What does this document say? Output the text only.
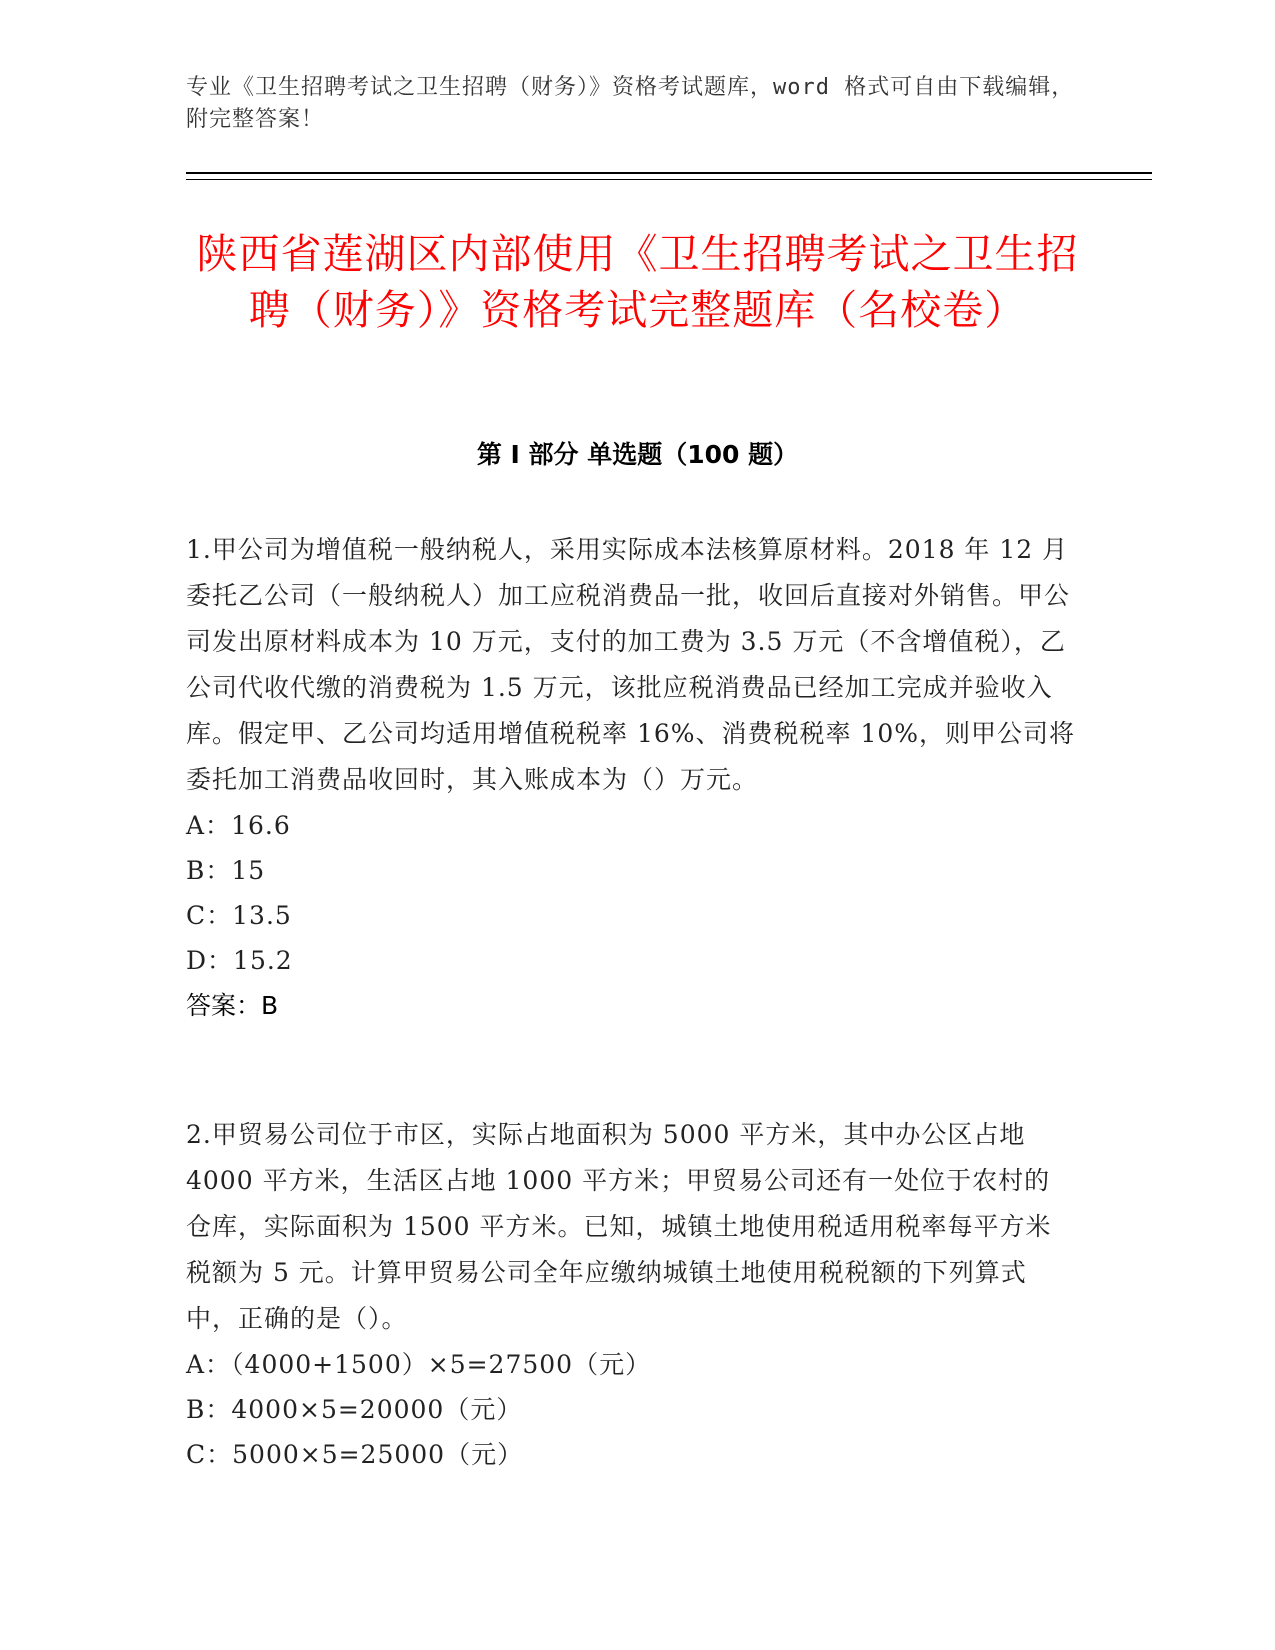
专业《卫生招聘考试之卫生招聘（财务）》资格考试题库，word 格式可自由下载编辑，附完整答案！
陕西省莲湖区内部使用《卫生招聘考试之卫生招聘（财务）》资格考试完整题库（名校卷）
第 I 部分 单选题（100 题）
1.甲公司为增值税一般纳税人，采用实际成本法核算原材料。2018 年 12 月委托乙公司（一般纳税人）加工应税消费品一批，收回后直接对外销售。甲公司发出原材料成本为 10 万元，支付的加工费为 3.5 万元（不含增值税），乙公司代收代缴的消费税为 1.5 万元，该批应税消费品已经加工完成并验收入库。假定甲、乙公司均适用增值税税率 16%、消费税税率 10%，则甲公司将委托加工消费品收回时，其入账成本为（）万元。
A：16.6
B：15
C：13.5
D：15.2
答案：B
2.甲贸易公司位于市区，实际占地面积为 5000 平方米，其中办公区占地 4000 平方米，生活区占地 1000 平方米；甲贸易公司还有一处位于农村的仓库，实际面积为 1500 平方米。已知，城镇土地使用税适用税率每平方米税额为 5 元。计算甲贸易公司全年应缴纳城镇土地使用税税额的下列算式中，正确的是（）。
A：（4000+1500）×5=27500（元）
B：4000×5=20000（元）
C：5000×5=25000（元）
